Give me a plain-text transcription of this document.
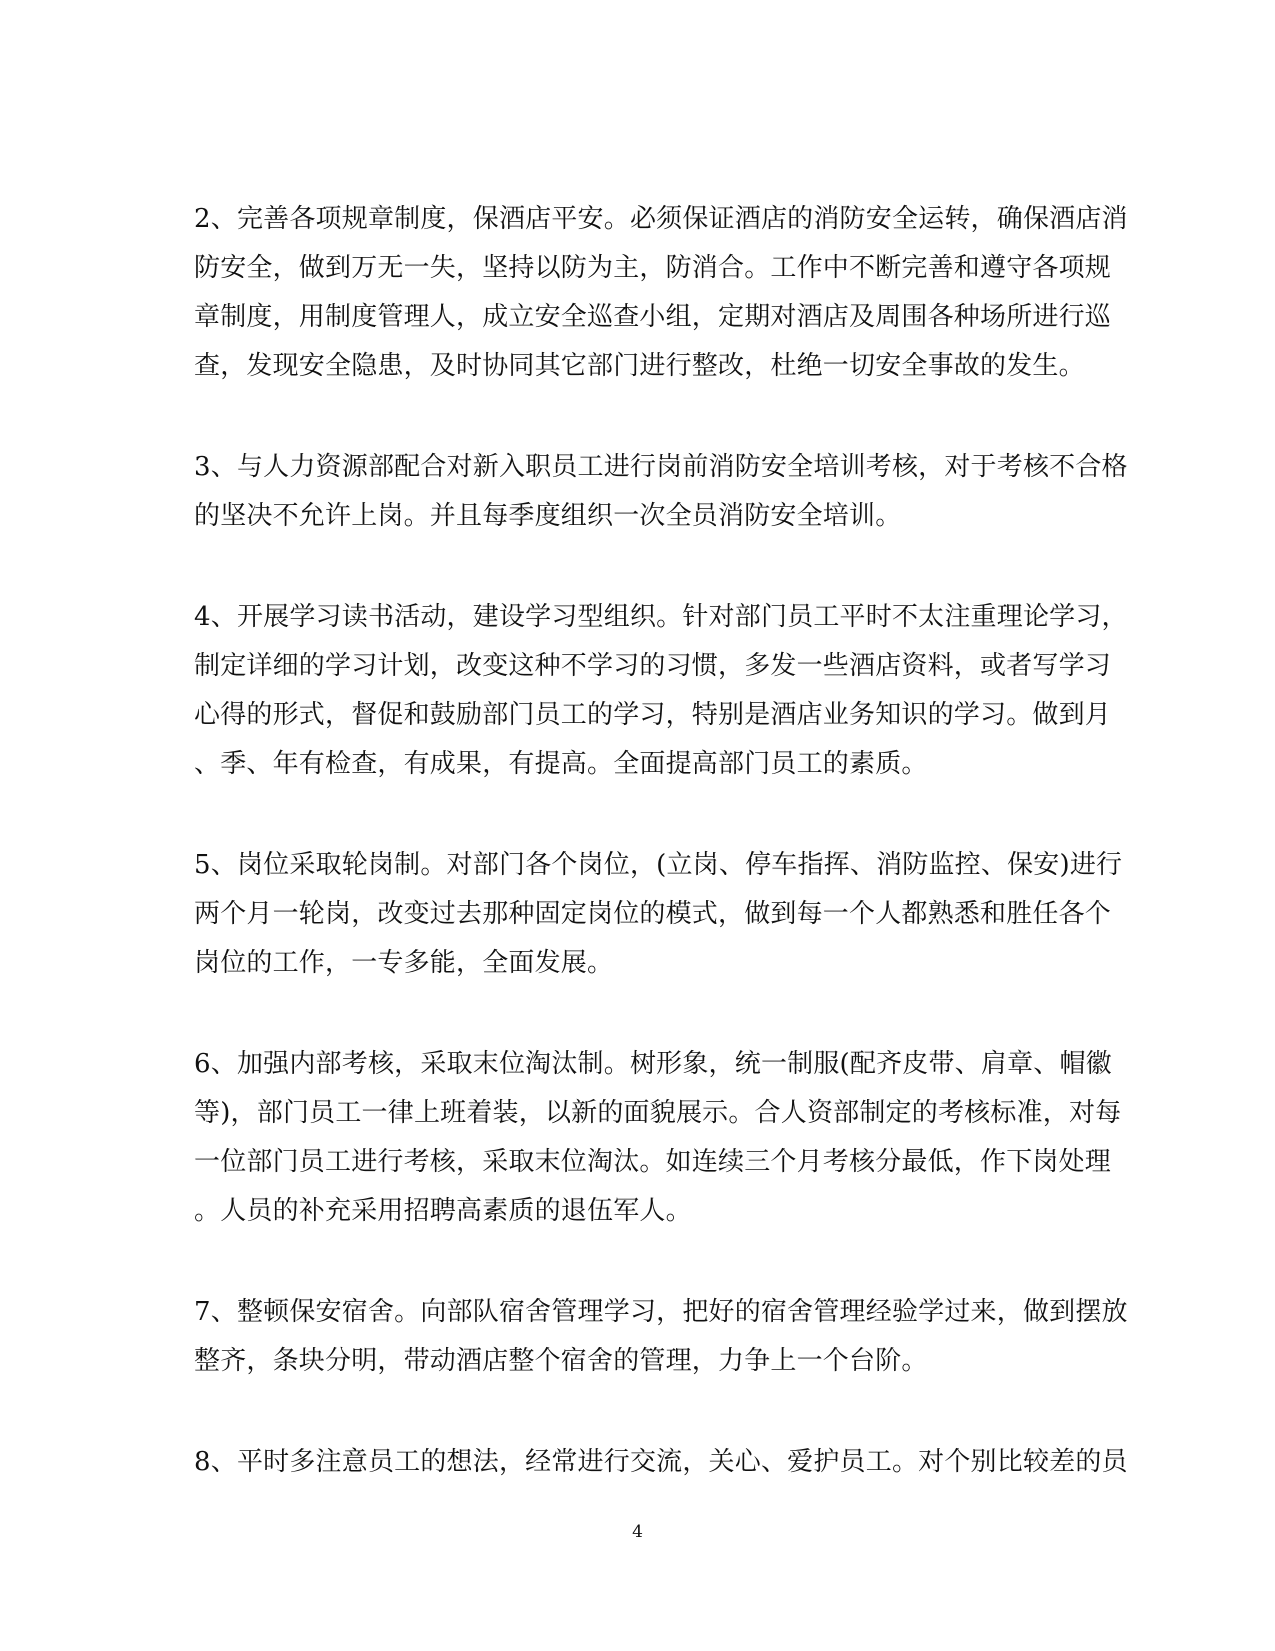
2、完善各项规章制度，保酒店平安。必须保证酒店的消防安全运转，确保酒店消
防安全，做到万无一失，坚持以防为主，防消合。工作中不断完善和遵守各项规
章制度，用制度管理人，成立安全巡查小组，定期对酒店及周围各种场所进行巡
查，发现安全隐患，及时协同其它部门进行整改，杜绝一切安全事故的发生。
3、与人力资源部配合对新入职员工进行岗前消防安全培训考核，对于考核不合格
的坚决不允许上岗。并且每季度组织一次全员消防安全培训。
4、开展学习读书活动，建设学习型组织。针对部门员工平时不太注重理论学习，
制定详细的学习计划，改变这种不学习的习惯，多发一些酒店资料，或者写学习
心得的形式，督促和鼓励部门员工的学习，特别是酒店业务知识的学习。做到月
、季、年有检查，有成果，有提高。全面提高部门员工的素质。
5、岗位采取轮岗制。对部门各个岗位，(立岗、停车指挥、消防监控、保安)进行
两个月一轮岗，改变过去那种固定岗位的模式，做到每一个人都熟悉和胜任各个
岗位的工作，一专多能，全面发展。
6、加强内部考核，采取末位淘汰制。树形象，统一制服(配齐皮带、肩章、帽徽
等)，部门员工一律上班着装，以新的面貌展示。合人资部制定的考核标准，对每
一位部门员工进行考核，采取末位淘汰。如连续三个月考核分最低，作下岗处理
。人员的补充采用招聘高素质的退伍军人。
7、整顿保安宿舍。向部队宿舍管理学习，把好的宿舍管理经验学过来，做到摆放
整齐，条块分明，带动酒店整个宿舍的管理，力争上一个台阶。
8、平时多注意员工的想法，经常进行交流，关心、爱护员工。对个别比较差的员
4
